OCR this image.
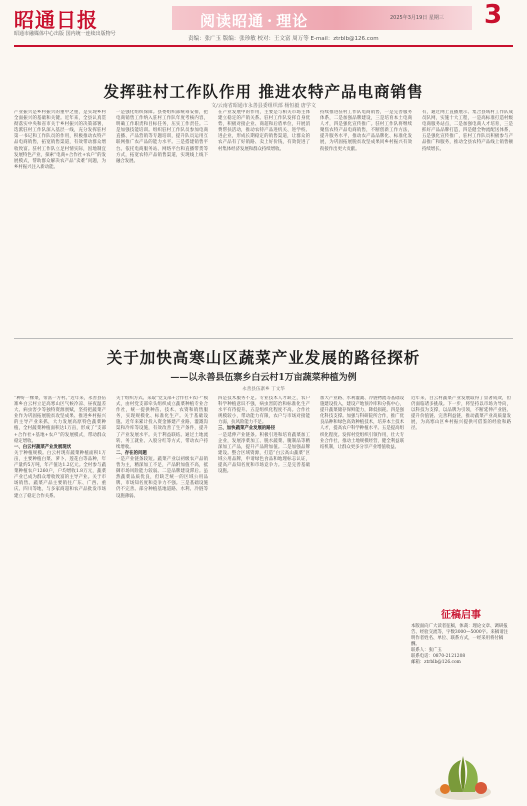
昭通日报
昭通市融媒体中心出版 国内统一连续出版物号
阅读昭通 · 理论	2025年3月19日 星期三 3
责编：张广玉 版编：张珍敏 校对：王文富 周万等 E-mail：ztrblb@126.com
发挥驻村工作队作用 推进农特产品电商销售
文/云南省昭通市永善县委组织部 杨恒毅 唐学文
产业振兴是乡村振兴的重中之重，是实现乡村全面振兴的基础和关键。近年来，全县认真贯彻落实中央和省市关于乡村振兴的决策部署，选派驻村工作队深入基层一线，充分发挥驻村第一书记和工作队员的作用，积极推动农特产品电商销售，拓宽销售渠道，有效带动群众增收致富。驻村工作队立足村情实际，因地制宜发展特色产业，探索“电商+合作社+农户”的发展模式，帮助群众解决农产品“卖难”问题，为乡村振兴注入新动能。
一是强化组织保障。县委组织部统筹安排，把电商销售工作纳入驻村工作队年度考核内容，明确工作职责和目标任务，压实工作责任。二是加强技能培训。组织驻村工作队员参加电商直播、产品营销等专题培训，提升队员运用互联网推广农产品的能力水平。三是搭建销售平台。依托电商服务站、网络平台和直播带货等方式，拓宽农特产品销售渠道，实现线上线下融合发展。
在产业发展中的作用，主要是与相关市场主体建立稳定的产销关系。驻村工作队发挥自身优势，积极对接企业、商超和后盾单位，开展消费帮扶活动，推动农特产品进机关、进学校、进企业，形成长期稳定的销售渠道，让群众的农产品有了好销路、卖上好价钱，有效促进了村集体经济发展和群众持续增收。
持续推进驻村工作队电商销售，一是完善服务体系，二是加强品牌建设，三是培育本土电商人才，四是强化宣传推广。驻村工作队将继续聚焦农特产品电商销售，不断创新工作方法，提升服务水平，推动农产品品牌化、标准化发展，为巩固拓展脱贫攻坚成果同乡村振兴有效衔接作出更大贡献。
有，通过网上直播展示、集合县域村工作队成员队网，实施十大工程，一是高标准打造村级电商服务站点，二是加强电商人才培育，三是抓好产品品牌打造，四是健全物流配送体系，五是强化宣传推广，驻村工作队员积极参与产品推广和服务，推动全县农特产品线上销售额持续增长。
关于加快高寒山区蔬菜产业发展的路径探析
——以永善县伍寨乡白云村1万亩蔬菜种植为例
永善县伍寨乡 丁文华
“种好一棵菜，带富一方村。”近年来，永善县伍寨乡白云村立足高寒山区气候冷凉、昼夜温差大、病虫害少等独特资源禀赋，坚持把蔬菜产业作为巩固拓展脱贫攻坚成果、推进乡村振兴的主导产业来抓，大力发展高原特色蔬菜种植，全村蔬菜种植面积达1万亩，形成了“支部+合作社+基地+农户”的发展模式，带动群众稳定增收。
一、白云村蔬菜产业发展现状
关于种植规模。白云村现有蔬菜种植面积1万亩，主要种植白菜、萝卜、莲花白等品种，年产量约5万吨，年产值达1.2亿元。全村参与蔬菜种植农户1260户，户均增收1.8万元，蔬菜产业已成为群众增收致富的主导产业。关于市场销售。蔬菜产品主要销往广东、广西、重庆、四川等地，与多家商超和农产品批发市场建立了稳定合作关系。
关于组织方式。采取“党支部+合作社+农户”模式，由村党支部牵头组织成立蔬菜种植专业合作社，统一提供种苗、技术、农资和销售服务，实现规模化、标准化生产。关于基础设施。近年来累计投入资金修建产业路、灌溉沟渠和冷库等设施，有效改善了生产条件，提升了产业发展水平。关于利益联结。通过土地流转、务工就业、入股分红等方式，带动农户持续增收。
二、存在的问题
一是产业链条较短。蔬菜产业以初级农产品销售为主，精深加工不足，产品附加值不高，抵御市场风险能力较弱。二是品牌建设滞后。虽然蔬菜品质优良，但缺乏统一的区域公用品牌，市场知名度和竞争力不强。三是基础设施仍不完善。部分种植基地道路、水利、冷链等设施薄弱。
四是技术服务不足。专业技术人才缺乏，农户科学种植意识不强，病虫害防治和标准化生产水平有待提升。五是组织化程度不高。合作社规模较小，带动能力有限，农户与市场对接能力弱，抗风险能力不足。
三、加快蔬菜产业发展的路径
一是延伸产业链条。积极引进和培育蔬菜加工企业，发展净菜加工、脱水蔬菜、腌制品等精深加工产品，提升产品附加值。二是加强品牌建设。整合区域资源，打造“白云高山蔬菜”区域公用品牌，申请绿色食品和地理标志认证，提高产品知名度和市场竞争力。三是完善基础设施。
加大产业路、水利灌溉、冷链物流等基础设施建设投入，建设产地预冷库和分拣中心，提升蔬菜储存保鲜能力，降低损耗。四是强化科技支撑。加强与科研院所合作，推广优良品种和绿色高效种植技术，培养本土技术人才，提高农户科学种植水平。五是提高组织化程度。发挥村党组织引领作用，壮大专业合作社，推动土地规模经营，健全利益联结机制，让群众更多分享产业增值收益。
近年来，白云村蔬菜产业发展取得了显著成效，但仍面临诸多挑战。下一步，将坚持以市场为导向，以科技为支撑，以品牌为引领，不断延伸产业链、提升价值链、完善利益链，推动蔬菜产业高质量发展，为高寒山区乡村振兴提供可借鉴的经验和路径。
征稿启事
本版面向广大读者征稿，体裁：理论文章、调研报告、经验交流等，字数3000—5000字。来稿请注明作者姓名、单位、联系方式，一经采用将付稿酬。
联系人：张广玉
联系电话：0870-2121208
邮箱：ztrblb@126.com
